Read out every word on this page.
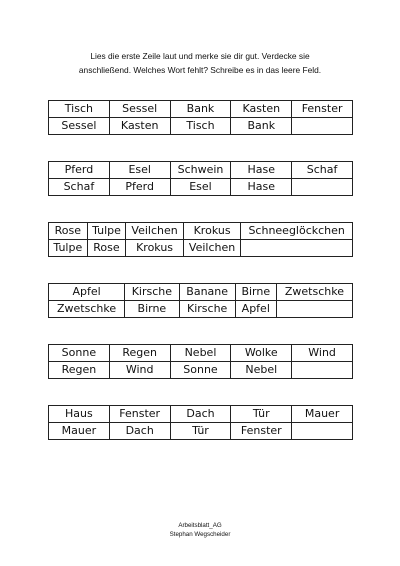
Lies die erste Zeile laut und merke sie dir gut. Verdecke sie
anschließend. Welches Wort fehlt? Schreibe es in das leere Feld.
Tisch	Sessel	Bank	Kasten	Fenster
Sessel	Kasten	Tisch	Bank	
Pferd	Esel	Schwein	Hase	Schaf
Schaf	Pferd	Esel	Hase	
Rose	Tulpe	Veilchen	Krokus	Schneeglöckchen
Tulpe	Rose	Krokus	Veilchen	
Apfel	Kirsche	Banane	Birne	Zwetschke
Zwetschke	Birne	Kirsche	Apfel	
Sonne	Regen	Nebel	Wolke	Wind
Regen	Wind	Sonne	Nebel	
Haus	Fenster	Dach	Tür	Mauer
Mauer	Dach	Tür	Fenster	
Arbeitsblatt_AG
Stephan Wegscheider
